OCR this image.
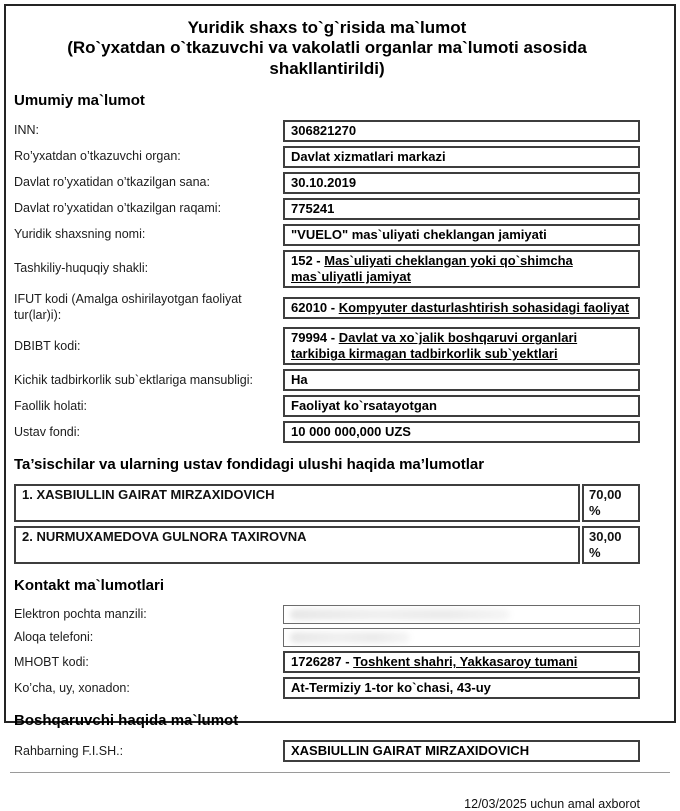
Yuridik shaxs to`g`risida ma`lumot
(Ro`yxatdan o`tkazuvchi va vakolatli organlar ma`lumoti asosida
shakllantirildi)
Umumiy ma`lumot
INN:	306821270
Ro’yxatdan o’tkazuvchi organ:	Davlat xizmatlari markazi
Davlat ro’yxatidan o’tkazilgan sana:	30.10.2019
Davlat ro’yxatidan o’tkazilgan raqami:	775241
Yuridik shaxsning nomi:	"VUELO" mas`uliyati cheklangan jamiyati
Tashkiliy-huquqiy shakli:
152 - Mas`uliyati cheklangan yoki qo`shimcha mas`uliyatli jamiyat
IFUT kodi (Amalga oshirilayotgan faoliyat tur(lar)i):	62010 - Kompyuter dasturlashtirish sohasidagi faoliyat
DBIBT kodi:
79994 - Davlat va xo`jalik boshqaruvi organlari tarkibiga kirmagan tadbirkorlik sub`yektlari
Kichik tadbirkorlik sub`ektlariga mansubligi:	Ha
Faollik holati:	Faoliyat ko`rsatayotgan
Ustav fondi:	10 000 000,000 UZS
Ta’sischilar va ularning ustav fondidagi ulushi haqida ma’lumotlar
1. XASBIULLIN GAIRAT MIRZAXIDOVICH	70,00 %
2. NURMUXAMEDOVA GULNORA TAXIROVNA	30,00 %
Kontakt ma`lumotlari
Elektron pochta manzili:
Aloqa telefoni:
MHOBT kodi:	1726287 - Toshkent shahri, Yakkasaroy tumani
Ko’cha, uy, xonadon:	At-Termiziy 1-tor ko`chasi, 43-uy
Boshqaruvchi haqida ma`lumot
Rahbarning F.I.SH.:	XASBIULLIN GAIRAT MIRZAXIDOVICH
12/03/2025 uchun amal axborot
